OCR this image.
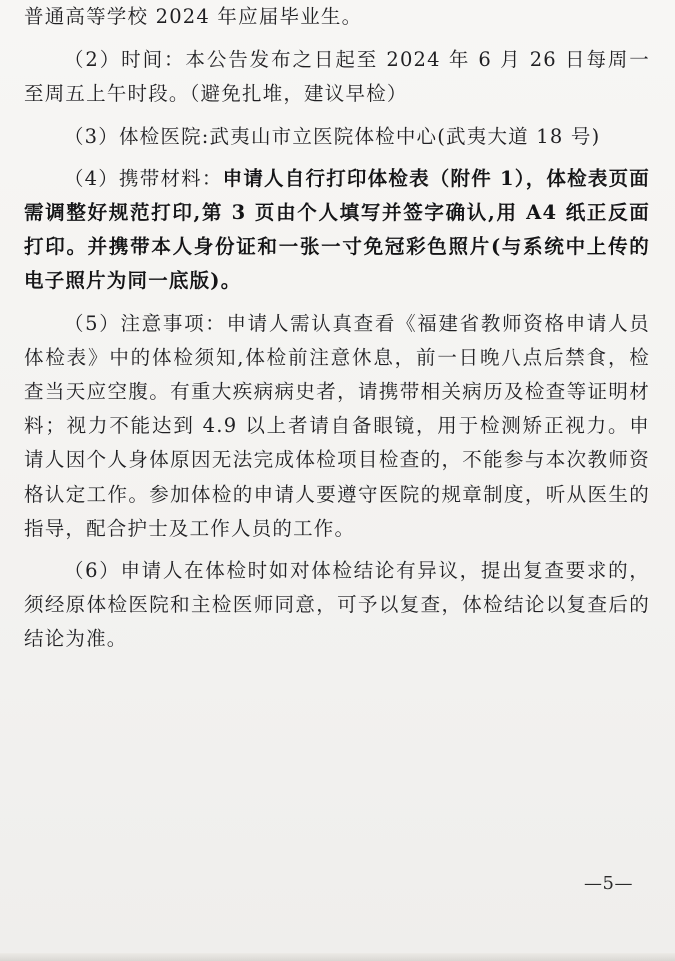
普通高等学校 2024 年应届毕业生。

（2）时间：本公告发布之日起至 2024 年 6 月 26 日每周一至周五上午时段。（避免扎堆，建议早检）

（3）体检医院:武夷山市立医院体检中心(武夷大道 18 号)

（4）携带材料：申请人自行打印体检表（附件 1），体检表页面需调整好规范打印,第 3 页由个人填写并签字确认,用 A4 纸正反面打印。并携带本人身份证和一张一寸免冠彩色照片(与系统中上传的电子照片为同一底版)。

（5）注意事项：申请人需认真查看《福建省教师资格申请人员体检表》中的体检须知,体检前注意休息，前一日晚八点后禁食，检查当天应空腹。有重大疾病病史者，请携带相关病历及检查等证明材料；视力不能达到 4.9 以上者请自备眼镜，用于检测矫正视力。申请人因个人身体原因无法完成体检项目检查的，不能参与本次教师资格认定工作。参加体检的申请人要遵守医院的规章制度，听从医生的指导，配合护士及工作人员的工作。

（6）申请人在体检时如对体检结论有异议，提出复查要求的，须经原体检医院和主检医师同意，可予以复查，体检结论以复查后的结论为准。

—5—
